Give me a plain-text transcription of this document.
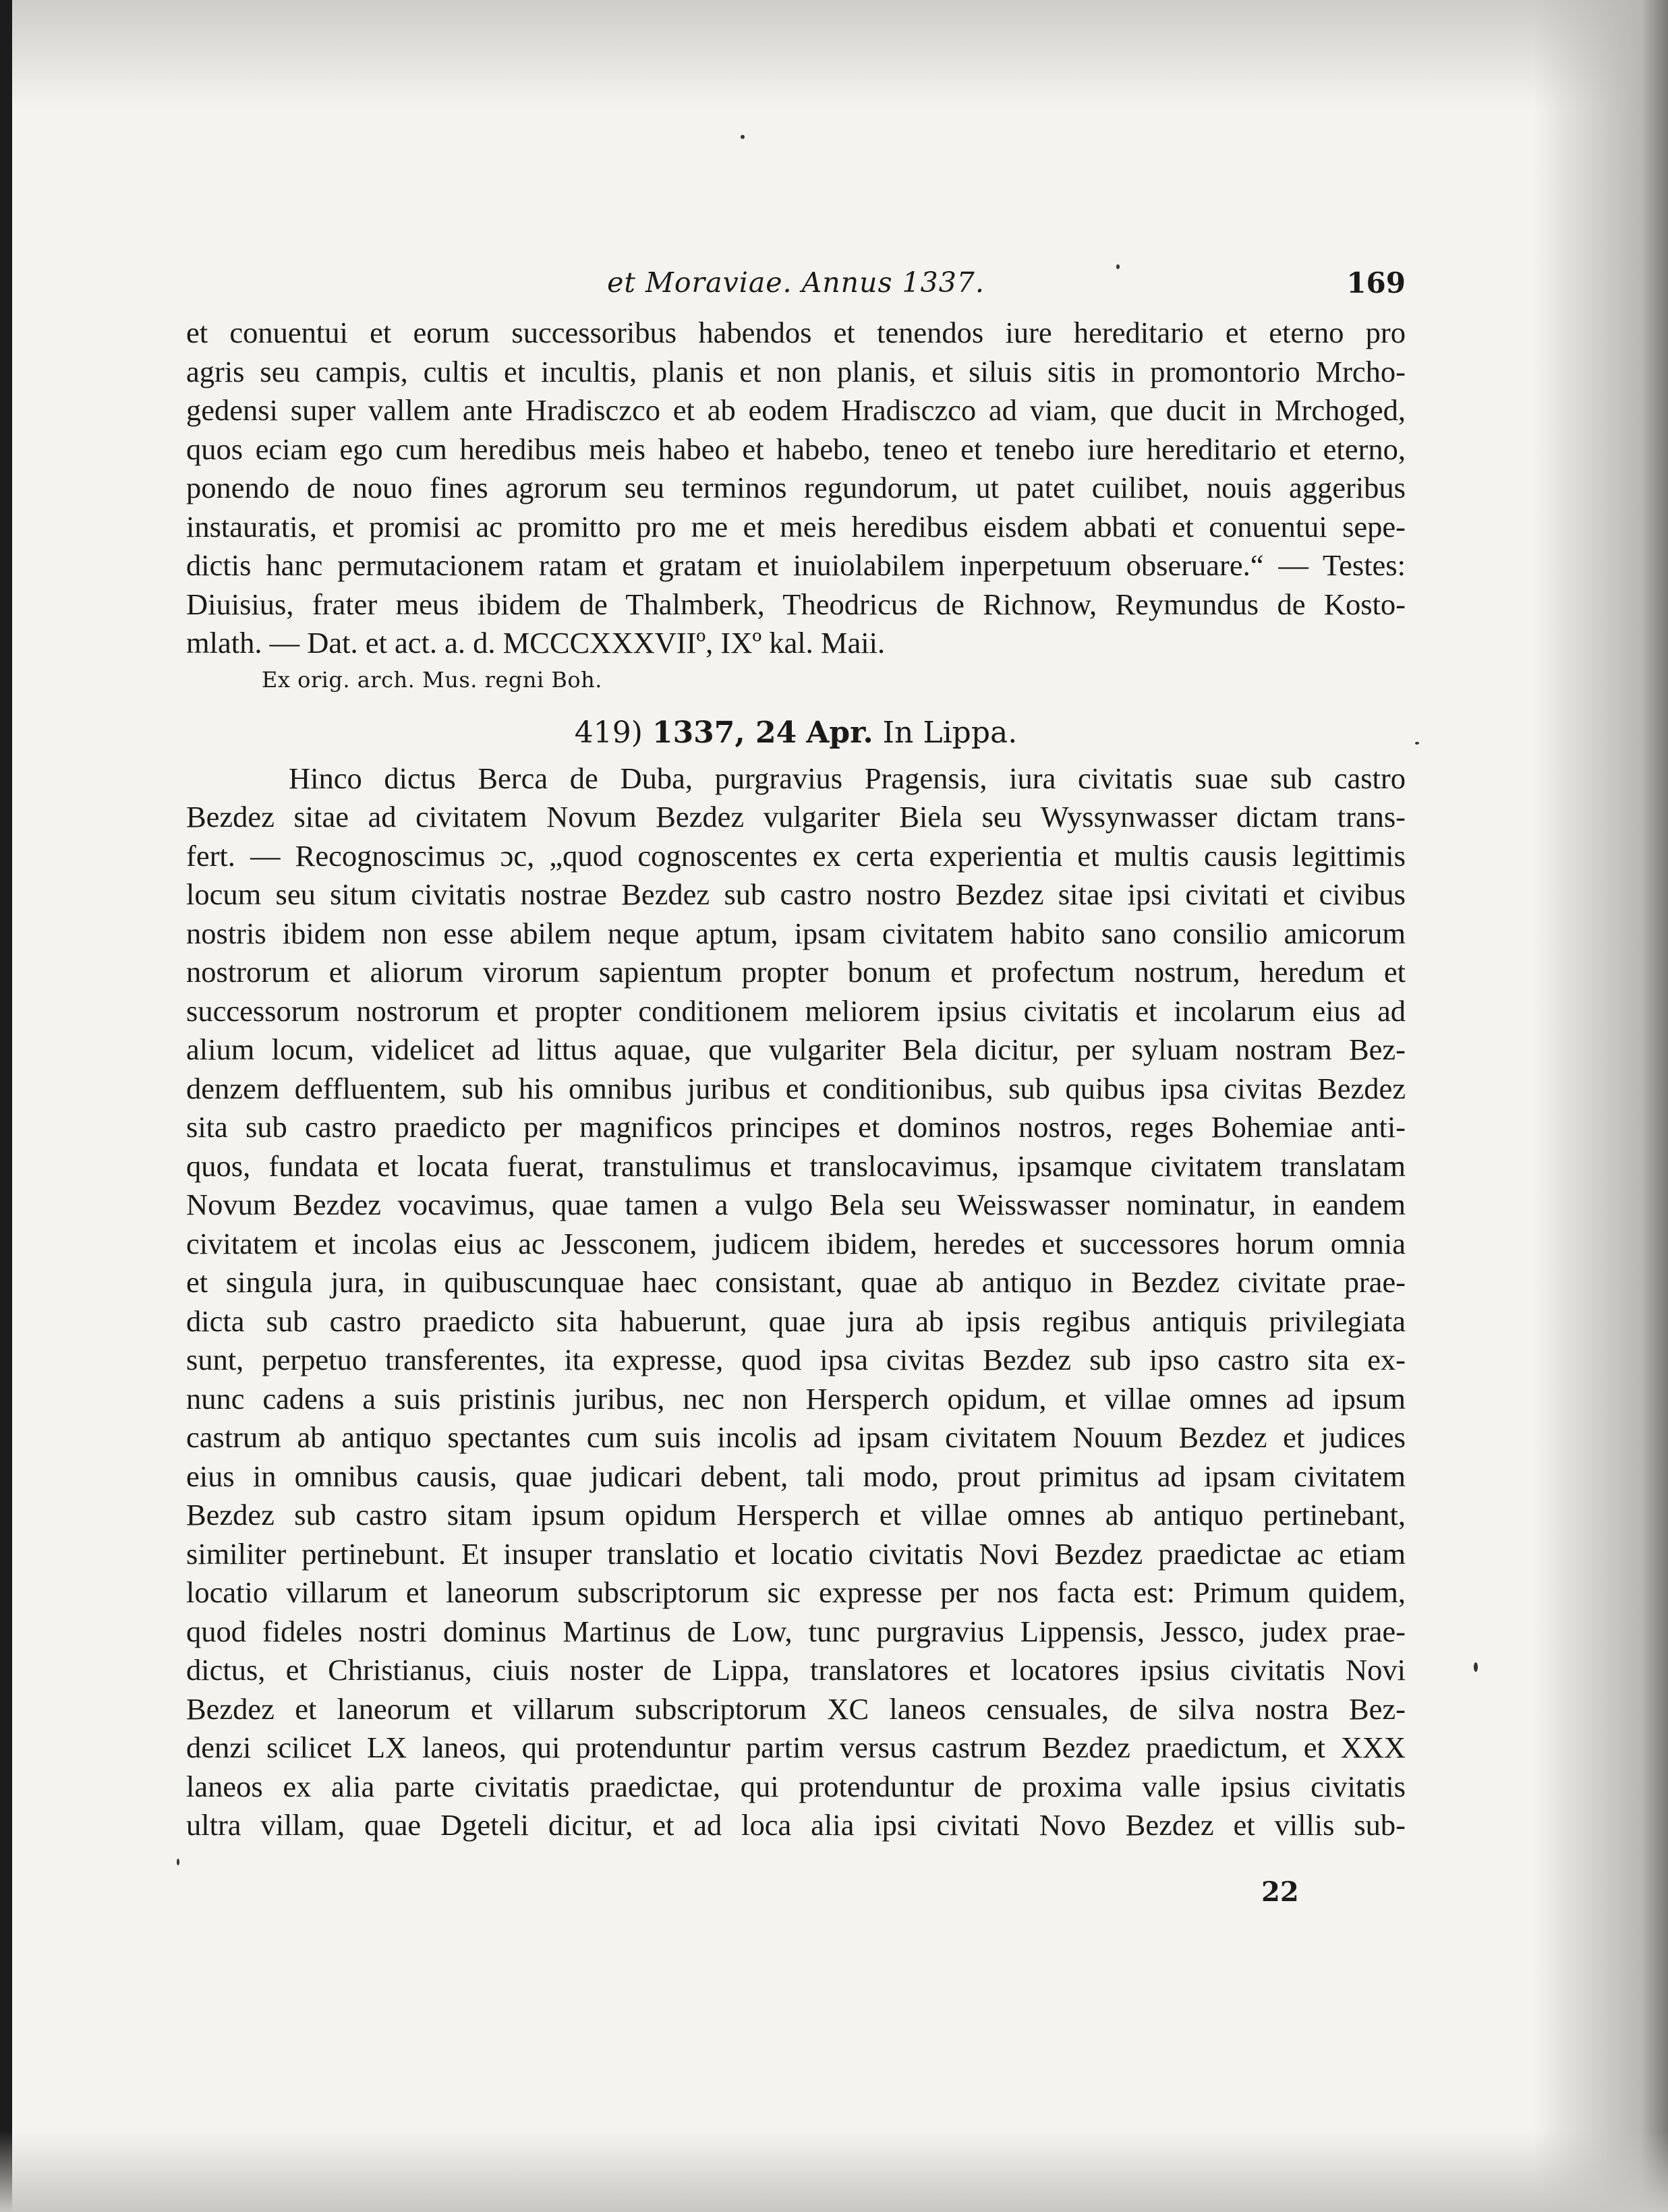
et Moraviae. Annus 1337.	169
et conuentui et eorum successoribus habendos et tenendos iure hereditario et eterno pro
agris seu campis, cultis et incultis, planis et non planis, et siluis sitis in promontorio Mrcho-
gedensi super vallem ante Hradisczco et ab eodem Hradisczco ad viam, que ducit in Mrchoged,
quos eciam ego cum heredibus meis habeo et habebo, teneo et tenebo iure hereditario et eterno,
ponendo de nouo fines agrorum seu terminos regundorum, ut patet cuilibet, nouis aggeribus
instauratis, et promisi ac promitto pro me et meis heredibus eisdem abbati et conuentui sepe-
dictis hanc permutacionem ratam et gratam et inuiolabilem inperpetuum obseruare.“ — Testes:
Diuisius, frater meus ibidem de Thalmberk, Theodricus de Richnow, Reymundus de Kosto-
mlath. — Dat. et act. a. d. MCCCXXXVIIº, IXº kal. Maii.
Ex orig. arch. Mus. regni Boh.
419) 1337, 24 Apr. In Lippa.
Hinco dictus Berca de Duba, purgravius Pragensis, iura civitatis suae sub castro
Bezdez sitae ad civitatem Novum Bezdez vulgariter Biela seu Wyssynwasser dictam trans-
fert. — Recognoscimus ɔc, „quod cognoscentes ex certa experientia et multis causis legittimis
locum seu situm civitatis nostrae Bezdez sub castro nostro Bezdez sitae ipsi civitati et civibus
nostris ibidem non esse abilem neque aptum, ipsam civitatem habito sano consilio amicorum
nostrorum et aliorum virorum sapientum propter bonum et profectum nostrum, heredum et
successorum nostrorum et propter conditionem meliorem ipsius civitatis et incolarum eius ad
alium locum, videlicet ad littus aquae, que vulgariter Bela dicitur, per syluam nostram Bez-
denzem deffluentem, sub his omnibus juribus et conditionibus, sub quibus ipsa civitas Bezdez
sita sub castro praedicto per magnificos principes et dominos nostros, reges Bohemiae anti-
quos, fundata et locata fuerat, transtulimus et translocavimus, ipsamque civitatem translatam
Novum Bezdez vocavimus, quae tamen a vulgo Bela seu Weisswasser nominatur, in eandem
civitatem et incolas eius ac Jessconem, judicem ibidem, heredes et successores horum omnia
et singula jura, in quibuscunquae haec consistant, quae ab antiquo in Bezdez civitate prae-
dicta sub castro praedicto sita habuerunt, quae jura ab ipsis regibus antiquis privilegiata
sunt, perpetuo transferentes, ita expresse, quod ipsa civitas Bezdez sub ipso castro sita ex-
nunc cadens a suis pristinis juribus, nec non Hersperch opidum, et villae omnes ad ipsum
castrum ab antiquo spectantes cum suis incolis ad ipsam civitatem Nouum Bezdez et judices
eius in omnibus causis, quae judicari debent, tali modo, prout primitus ad ipsam civitatem
Bezdez sub castro sitam ipsum opidum Hersperch et villae omnes ab antiquo pertinebant,
similiter pertinebunt. Et insuper translatio et locatio civitatis Novi Bezdez praedictae ac etiam
locatio villarum et laneorum subscriptorum sic expresse per nos facta est: Primum quidem,
quod fideles nostri dominus Martinus de Low, tunc purgravius Lippensis, Jessco, judex prae-
dictus, et Christianus, ciuis noster de Lippa, translatores et locatores ipsius civitatis Novi
Bezdez et laneorum et villarum subscriptorum XC laneos censuales, de silva nostra Bez-
denzi scilicet LX laneos, qui protenduntur partim versus castrum Bezdez praedictum, et XXX
laneos ex alia parte civitatis praedictae, qui protenduntur de proxima valle ipsius civitatis
ultra villam, quae Dgeteli dicitur, et ad loca alia ipsi civitati Novo Bezdez et villis sub-
22
